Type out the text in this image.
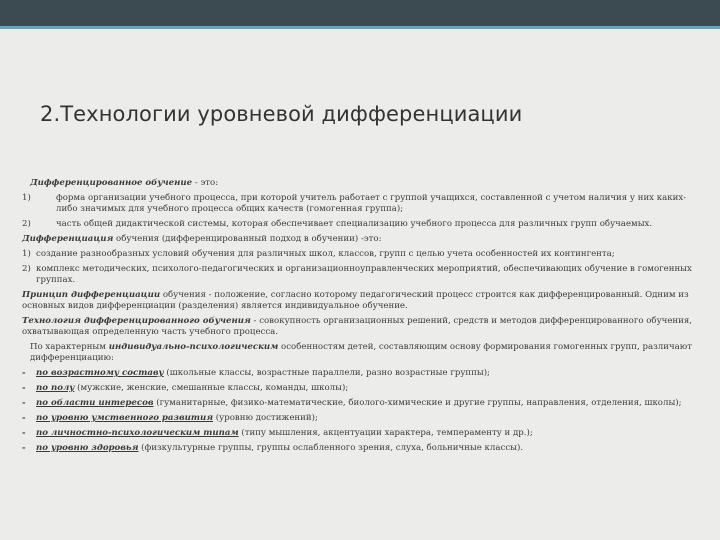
2.Технологии уровневой дифференциации
Дифференцированное обучение - это:
1)	форма организации учебного процесса, при которой учитель работает с группой учащихся, составленной с учетом наличия у них каких-либо значимых для учебного процесса общих качеств (гомогенная группа);
2)	часть общей дидактической системы, которая обеспечивает специализацию учебного процесса для различных групп обучаемых.
Дифференциация обучения (дифференцированный подход в обучении) -это:
1) создание разнообразных условий обучения для различных школ, классов, групп с целью учета особенностей их контингента;
2) комплекс методических, психолого-педагогических и организационноуправленческих мероприятий, обеспечивающих обучение в гомогенных группах.
Принцип дифференциации обучения - положение, согласно которому педагогический процесс строится как дифференцированный. Одним из основных видов дифференциации (разделения) является индивидуальное обучение.
Технология дифференцированного обучения - совокупность организационных решений, средств и методов дифференцированного обучения, охватывающая определенную часть учебного процесса.
По характерным индивидуально-психологическим особенностям детей, составляющим основу формирования гомогенных групп, различают дифференциацию:
-	по возрастному составу (школьные классы, возрастные параллели, разно возрастные группы);
-	по полу (мужские, женские, смешанные классы, команды, школы);
-	по области интересов (гуманитарные, физико-математические, биолого-химические и другие группы, направления, отделения, школы);
-	по уровню умственного развития (уровню достижений);
-	по личностно-психологическим типам (типу мышления, акцентуации характера, темпераменту и др.);
-	по уровню здоровья (физкультурные группы, группы ослабленного зрения, слуха, больничные классы).
